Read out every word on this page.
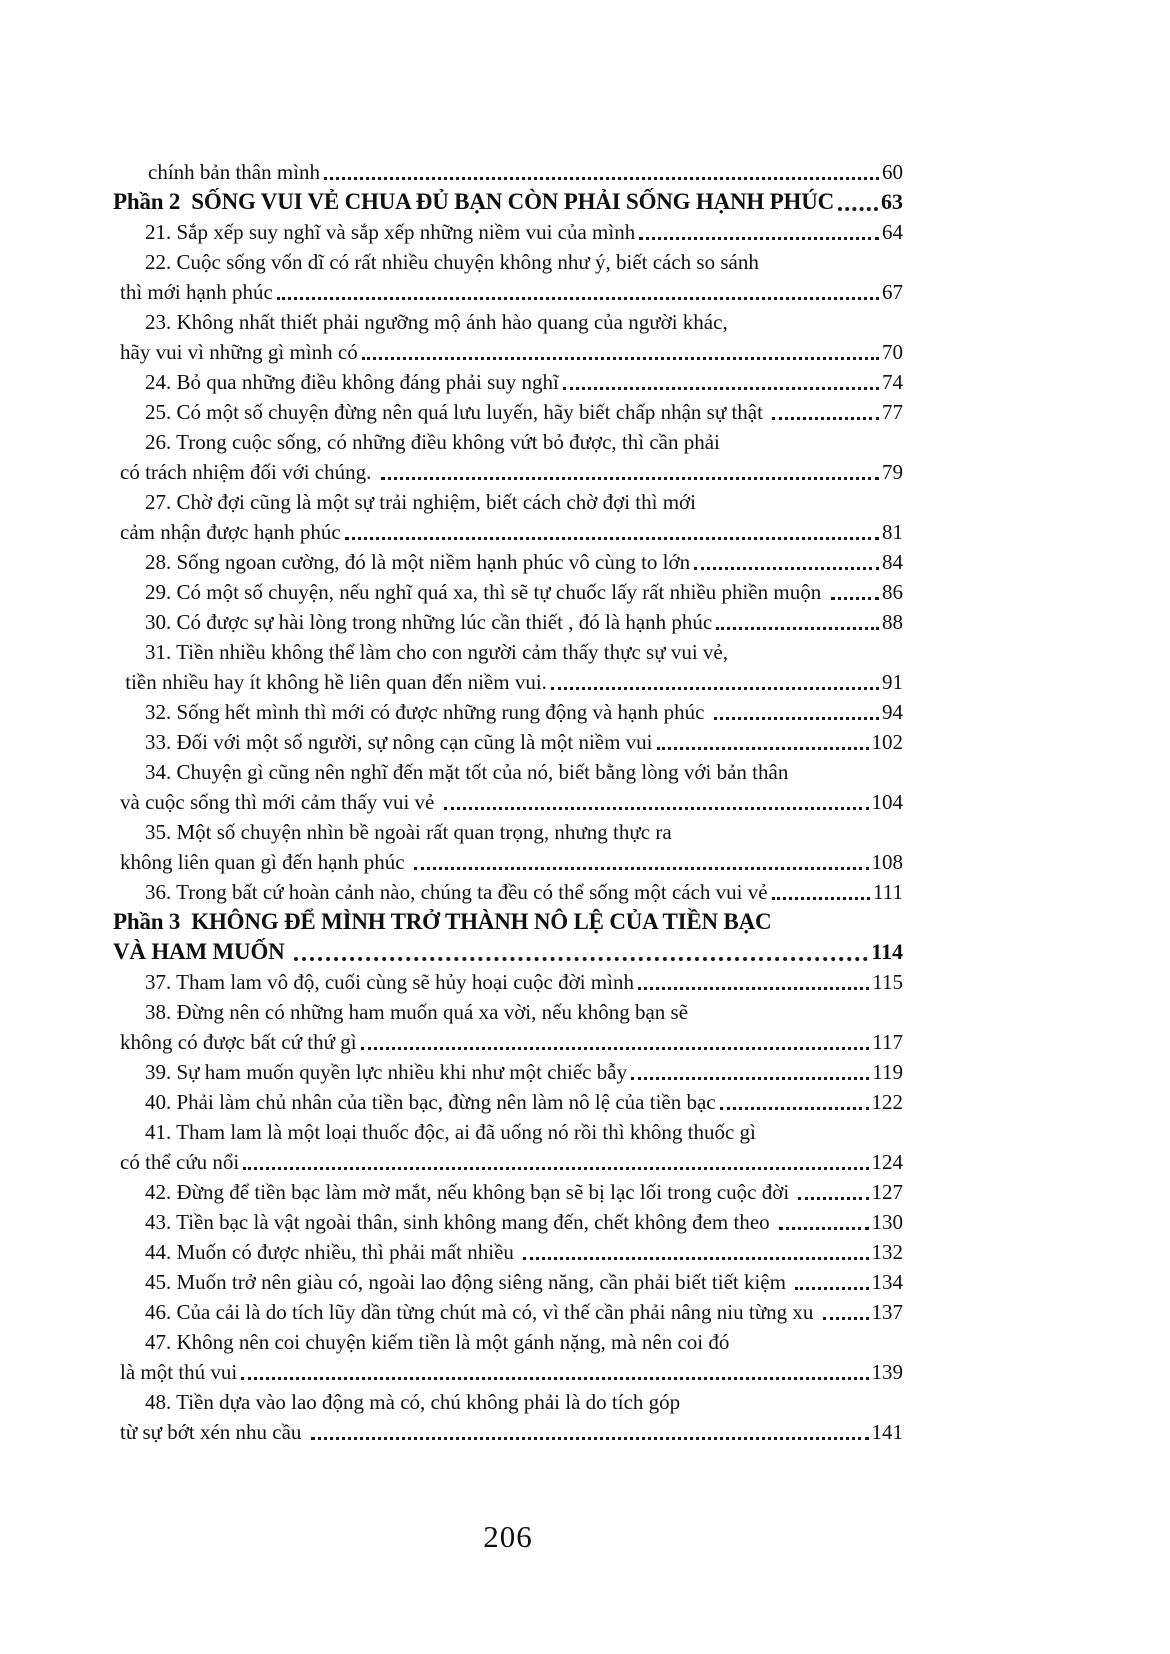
chính bản thân mình	60
Phần 2  SỐNG VUI VẺ CHUA ĐỦ BẠN CÒN PHẢI SỐNG HẠNH PHÚC 63
21. Sắp xếp suy nghĩ và sắp xếp những niềm vui của mình	64
22. Cuộc sống vốn dĩ có rất nhiều chuyện không như ý, biết cách so sánh
thì mới hạnh phúc	67
23. Không nhất thiết phải ngưỡng mộ ánh hào quang của người khác,
hãy vui vì những gì mình có	70
24. Bỏ qua những điều không đáng phải suy nghĩ	74
25. Có một số chuyện đừng nên quá lưu luyến, hãy biết chấp nhận sự thật	77
26. Trong cuộc sống, có những điều không vứt bỏ được, thì cần phải
có trách nhiệm đối với chúng.	79
27. Chờ đợi cũng là một sự trải nghiệm, biết cách chờ đợi thì mới
cảm nhận được hạnh phúc	81
28. Sống ngoan cường, đó là một niềm hạnh phúc vô cùng to lớn	84
29. Có một số chuyện, nếu nghĩ quá xa, thì sẽ tự chuốc lấy rất nhiều phiền muộn	86
30. Có được sự hài lòng trong những lúc cần thiết , đó là hạnh phúc	88
31. Tiền nhiều không thể làm cho con người cảm thấy thực sự vui vẻ,
tiền nhiều hay ít không hề liên quan đến niềm vui.	91
32. Sống hết mình thì mới có được những rung động và hạnh phúc	94
33. Đối với một số người, sự nông cạn cũng là một niềm vui	102
34. Chuyện gì cũng nên nghĩ đến mặt tốt của nó, biết bằng lòng với bản thân
và cuộc sống thì mới cảm thấy vui vẻ	104
35. Một số chuyện nhìn bề ngoài rất quan trọng, nhưng thực ra
không liên quan gì đến hạnh phúc	108
36. Trong bất cứ hoàn cảnh nào, chúng ta đều có thể sống một cách vui vẻ	111
Phần 3  KHÔNG ĐỂ MÌNH TRỞ THÀNH NÔ LỆ CỦA TIỀN BẠC
VÀ HAM MUỐN	114
37. Tham lam vô độ, cuối cùng sẽ hủy hoại cuộc đời mình	115
38. Đừng nên có những ham muốn quá xa vời, nếu không bạn sẽ
không có được bất cứ thứ gì	117
39. Sự ham muốn quyền lực nhiều khi như một chiếc bẫy	119
40. Phải làm chủ nhân của tiền bạc, đừng nên làm nô lệ của tiền bạc	122
41. Tham lam là một loại thuốc độc, ai đã uống nó rồi thì không thuốc gì
có thể cứu nổi	124
42. Đừng để tiền bạc làm mờ mắt, nếu không bạn sẽ bị lạc lối trong cuộc đời	127
43. Tiền bạc là vật ngoài thân, sinh không mang đến, chết không đem theo	130
44. Muốn có được nhiều, thì phải mất nhiều	132
45. Muốn trở nên giàu có, ngoài lao động siêng năng, cần phải biết tiết kiệm	134
46. Của cải là do tích lũy dần từng chút mà có, vì thế cần phải nâng niu từng xu	137
47. Không nên coi chuyện kiếm tiền là một gánh nặng, mà nên coi đó
là một thú vui	139
48. Tiền dựa vào lao động mà có, chú không phải là do tích góp
từ sự bớt xén nhu cầu	141
206
